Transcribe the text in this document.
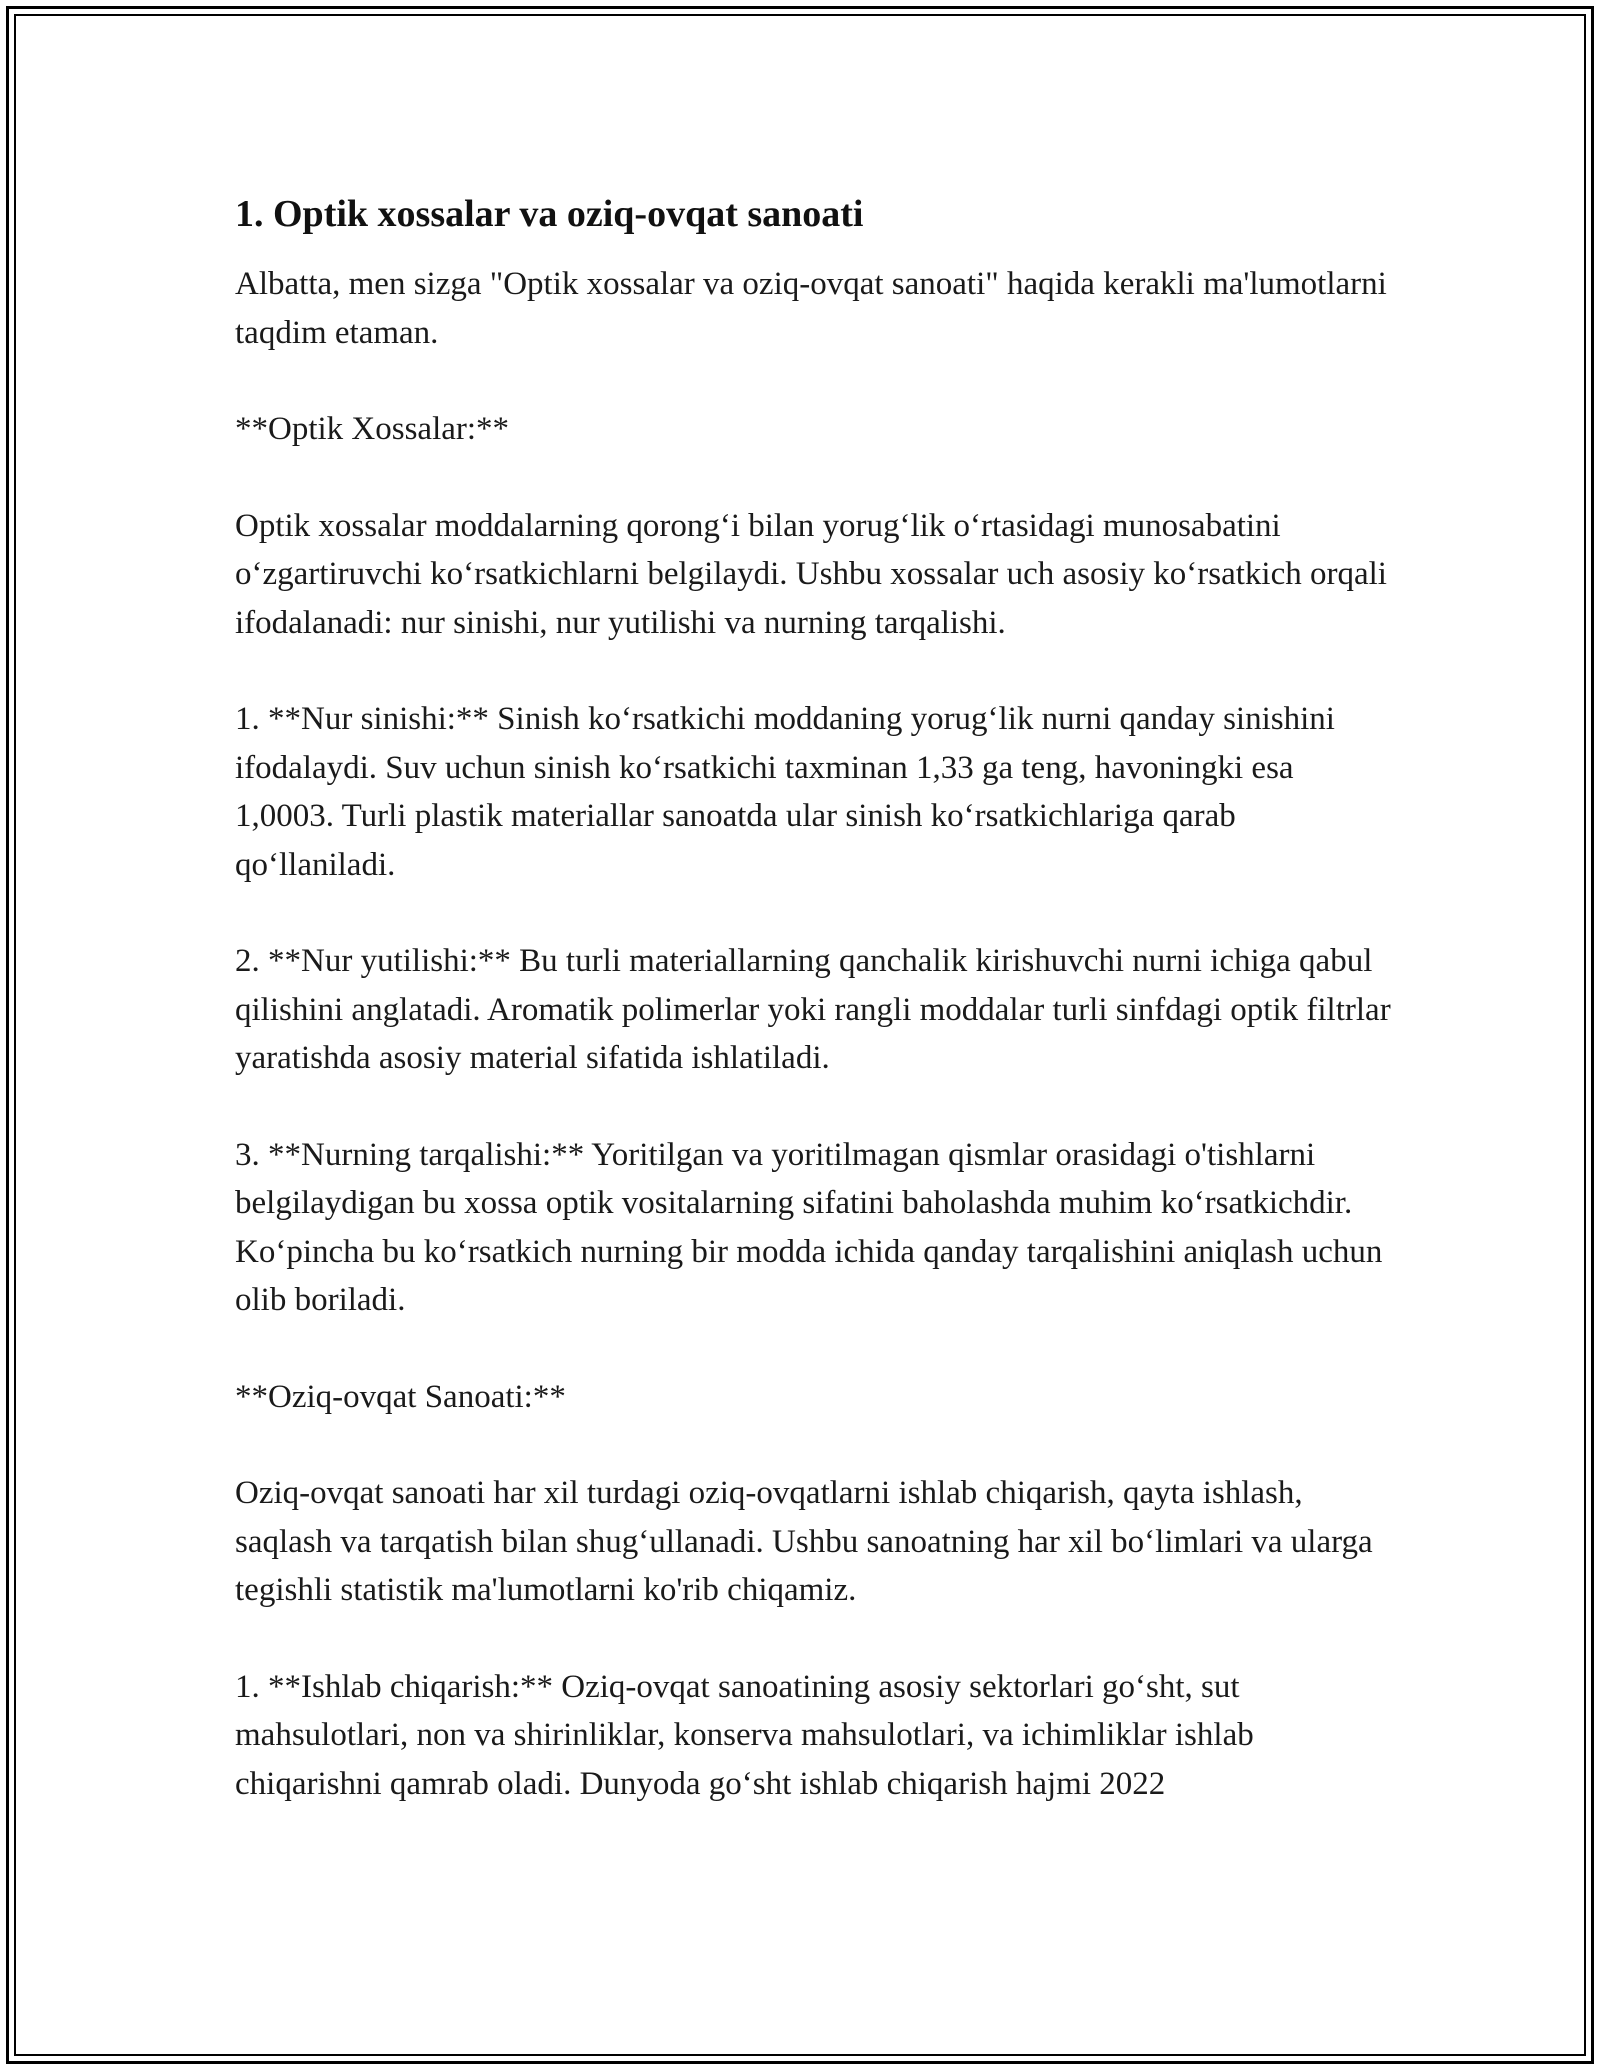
1. Optik xossalar va oziq-ovqat sanoati

Albatta, men sizga "Optik xossalar va oziq-ovqat sanoati" haqida kerakli ma'lumotlarni taqdim etaman.

**Optik Xossalar:**

Optik xossalar moddalarning qorong‘i bilan yorug‘lik o‘rtasidagi munosabatini o‘zgartiruvchi ko‘rsatkichlarni belgilaydi. Ushbu xossalar uch asosiy ko‘rsatkich orqali ifodalanadi: nur sinishi, nur yutilishi va nurning tarqalishi.

1. **Nur sinishi:** Sinish ko‘rsatkichi moddaning yorug‘lik nurni qanday sinishini ifodalaydi. Suv uchun sinish ko‘rsatkichi taxminan 1,33 ga teng, havoningki esa 1,0003. Turli plastik materiallar sanoatda ular sinish ko‘rsatkichlariga qarab qo‘llaniladi.

2. **Nur yutilishi:** Bu turli materiallarning qanchalik kirishuvchi nurni ichiga qabul qilishini anglatadi. Aromatik polimerlar yoki rangli moddalar turli sinfdagi optik filtrlar yaratishda asosiy material sifatida ishlatiladi.

3. **Nurning tarqalishi:** Yoritilgan va yoritilmagan qismlar orasidagi o'tishlarni belgilaydigan bu xossa optik vositalarning sifatini baholashda muhim ko‘rsatkichdir. Ko‘pincha bu ko‘rsatkich nurning bir modda ichida qanday tarqalishini aniqlash uchun olib boriladi.

**Oziq-ovqat Sanoati:**

Oziq-ovqat sanoati har xil turdagi oziq-ovqatlarni ishlab chiqarish, qayta ishlash, saqlash va tarqatish bilan shug‘ullanadi. Ushbu sanoatning har xil bo‘limlari va ularga tegishli statistik ma'lumotlarni ko'rib chiqamiz.

1. **Ishlab chiqarish:** Oziq-ovqat sanoatining asosiy sektorlari go‘sht, sut mahsulotlari, non va shirinliklar, konserva mahsulotlari, va ichimliklar ishlab chiqarishni qamrab oladi. Dunyoda go‘sht ishlab chiqarish hajmi 2022
